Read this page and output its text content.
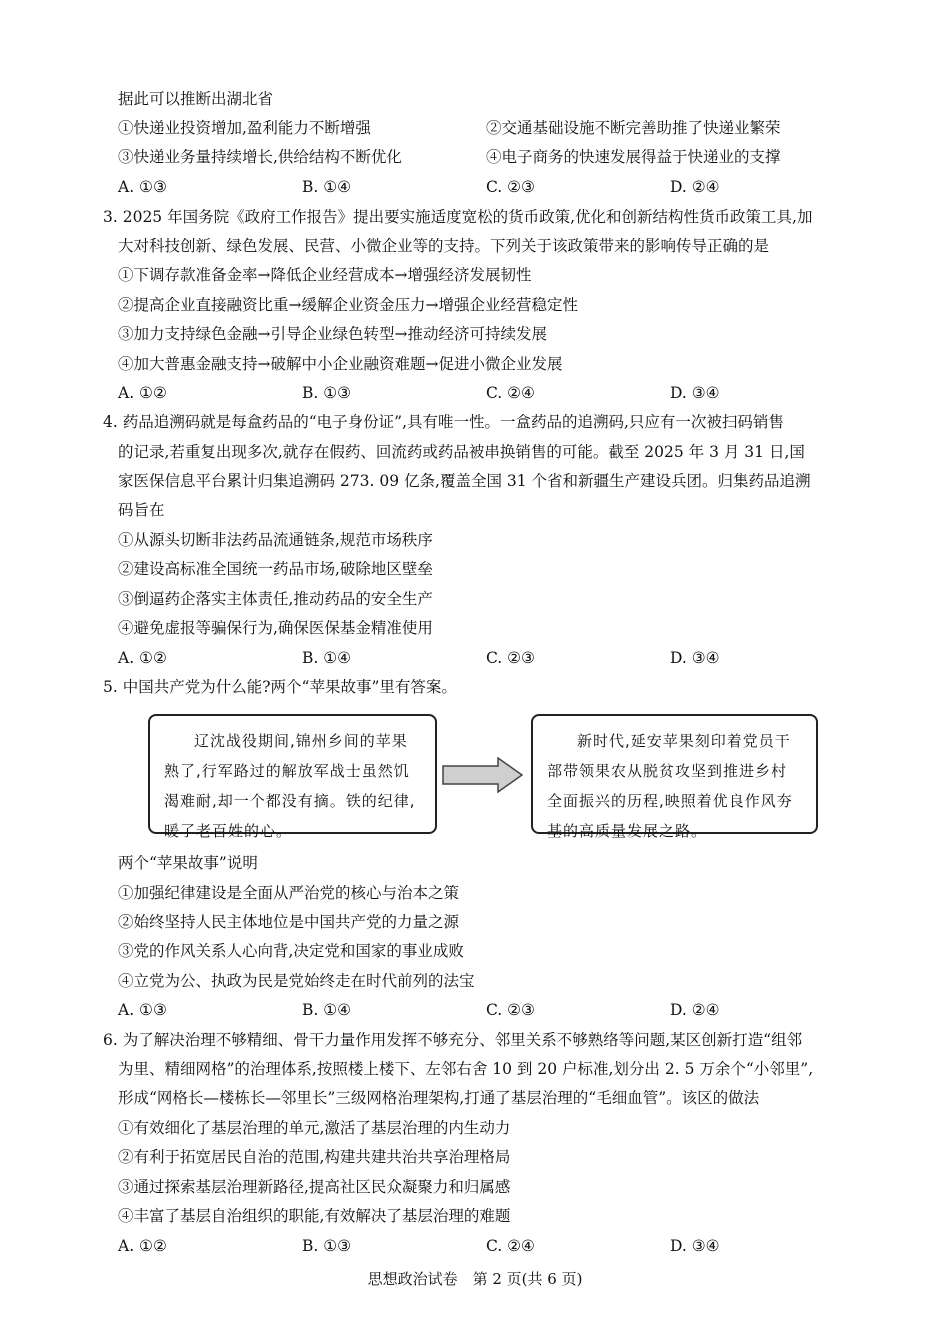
据此可以推断出湖北省
①快递业投资增加,盈利能力不断增强	②交通基础设施不断完善助推了快递业繁荣
③快递业务量持续增长,供给结构不断优化	④电子商务的快速发展得益于快递业的支撑
A. ①③	B. ①④	C. ②③	D. ②④
3. 2025 年国务院《政府工作报告》提出要实施适度宽松的货币政策,优化和创新结构性货币政策工具,加
大对科技创新、绿色发展、民营、小微企业等的支持。下列关于该政策带来的影响传导正确的是
①下调存款准备金率→降低企业经营成本→增强经济发展韧性
②提高企业直接融资比重→缓解企业资金压力→增强企业经营稳定性
③加力支持绿色金融→引导企业绿色转型→推动经济可持续发展
④加大普惠金融支持→破解中小企业融资难题→促进小微企业发展
A. ①②	B. ①③	C. ②④	D. ③④
4. 药品追溯码就是每盒药品的“电子身份证”,具有唯一性。一盒药品的追溯码,只应有一次被扫码销售
的记录,若重复出现多次,就存在假药、回流药或药品被串换销售的可能。截至 2025 年 3 月 31 日,国
家医保信息平台累计归集追溯码 273. 09 亿条,覆盖全国 31 个省和新疆生产建设兵团。归集药品追溯
码旨在
①从源头切断非法药品流通链条,规范市场秩序
②建设高标准全国统一药品市场,破除地区壁垒
③倒逼药企落实主体责任,推动药品的安全生产
④避免虚报等骗保行为,确保医保基金精准使用
A. ①②	B. ①④	C. ②③	D. ③④
5. 中国共产党为什么能?两个“苹果故事”里有答案。

辽沈战役期间,锦州乡间的苹果熟了,行军路过的解放军战士虽然饥渴难耐,却一个都没有摘。铁的纪律,暖了老百姓的心。

新时代,延安苹果刻印着党员干部带领果农从脱贫攻坚到推进乡村全面振兴的历程,映照着优良作风夯基的高质量发展之路。

两个“苹果故事”说明
①加强纪律建设是全面从严治党的核心与治本之策
②始终坚持人民主体地位是中国共产党的力量之源
③党的作风关系人心向背,决定党和国家的事业成败
④立党为公、执政为民是党始终走在时代前列的法宝
A. ①③	B. ①④	C. ②③	D. ②④
6. 为了解决治理不够精细、骨干力量作用发挥不够充分、邻里关系不够熟络等问题,某区创新打造“组邻
为里、精细网格”的治理体系,按照楼上楼下、左邻右舍 10 到 20 户标准,划分出 2. 5 万余个“小邻里”,
形成“网格长—楼栋长—邻里长”三级网格治理架构,打通了基层治理的“毛细血管”。该区的做法
①有效细化了基层治理的单元,激活了基层治理的内生动力
②有利于拓宽居民自治的范围,构建共建共治共享治理格局
③通过探索基层治理新路径,提高社区民众凝聚力和归属感
④丰富了基层自治组织的职能,有效解决了基层治理的难题
A. ①②	B. ①③	C. ②④	D. ③④
思想政治试卷　第 2 页(共 6 页)
